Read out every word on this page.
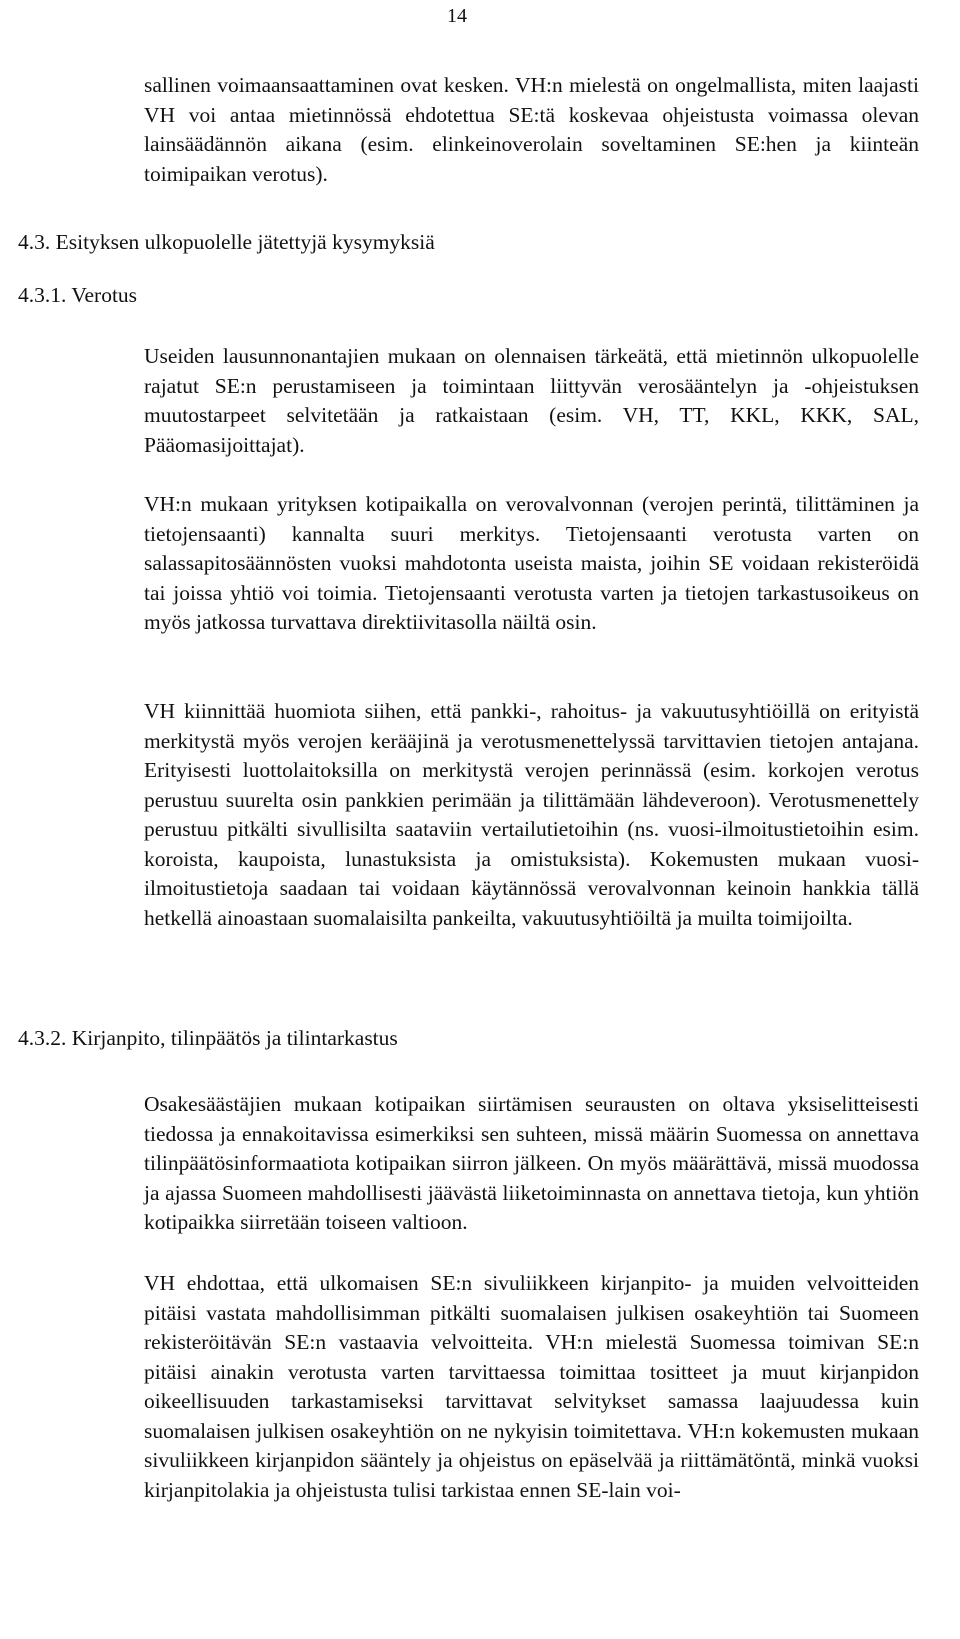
14

sallinen voimaansaattaminen ovat kesken. VH:n mielestä on ongelmallista, miten laajasti VH voi antaa mietinnössä ehdotettua SE:tä koskevaa ohjeistusta voimassa olevan lainsäädännön aikana (esim. elinkeinoverolain soveltaminen SE:hen ja kiinteän toimipaikan verotus).

4.3. Esityksen ulkopuolelle jätettyjä kysymyksiä
4.3.1. Verotus

Useiden lausunnonantajien mukaan on olennaisen tärkeätä, että mietinnön ulkopuolelle rajatut SE:n perustamiseen ja toimintaan liittyvän verosääntelyn ja -ohjeistuksen muutostarpeet selvitetään ja ratkaistaan (esim. VH, TT, KKL, KKK, SAL, Pääomasijoittajat).

VH:n mukaan yrityksen kotipaikalla on verovalvonnan (verojen perintä, tilittäminen ja tietojensaanti) kannalta suuri merkitys. Tietojensaanti verotusta varten on salassapitosäännösten vuoksi mahdotonta useista maista, joihin SE voidaan rekisteröidä tai joissa yhtiö voi toimia. Tietojensaanti verotusta varten ja tietojen tarkastusoikeus on myös jatkossa turvattava direktiivitasolla näiltä osin.

VH kiinnittää huomiota siihen, että pankki-, rahoitus- ja vakuutusyhtiöillä on erityistä merkitystä myös verojen kerääjinä ja verotusmenettelyssä tarvittavien tietojen antajana. Erityisesti luottolaitoksilla on merkitystä verojen perinnässä (esim. korkojen verotus perustuu suurelta osin pankkien perimään ja tilittämään lähdeveroon). Verotusmenettely perustuu pitkälti sivullisilta saataviin vertailutietoihin (ns. vuosi-ilmoitustietoihin esim. koroista, kaupoista, lunastuksista ja omistuksista). Kokemusten mukaan vuosi-ilmoitustietoja saadaan tai voidaan käytännössä verovalvonnan keinoin hankkia tällä hetkellä ainoastaan suomalaisilta pankeilta, vakuutusyhtiöiltä ja muilta toimijoilta.

4.3.2. Kirjanpito, tilinpäätös ja tilintarkastus

Osakesäästäjien mukaan kotipaikan siirtämisen seurausten on oltava yksiselitteisesti tiedossa ja ennakoitavissa esimerkiksi sen suhteen, missä määrin Suomessa on annettava tilinpäätösinformaatiota kotipaikan siirron jälkeen. On myös määrättävä, missä muodossa ja ajassa Suomeen mahdollisesti jäävästä liiketoiminnasta on annettava tietoja, kun yhtiön kotipaikka siirretään toiseen valtioon.

VH ehdottaa, että ulkomaisen SE:n sivuliikkeen kirjanpito- ja muiden velvoitteiden pitäisi vastata mahdollisimman pitkälti suomalaisen julkisen osakeyhtiön tai Suomeen rekisteröitävän SE:n vastaavia velvoitteita. VH:n mielestä Suomessa toimivan SE:n pitäisi ainakin verotusta varten tarvittaessa toimittaa tositteet ja muut kirjanpidon oikeellisuuden tarkastamiseksi tarvittavat selvitykset samassa laajuudessa kuin suomalaisen julkisen osakeyhtiön on ne nykyisin toimitettava. VH:n kokemusten mukaan sivuliikkeen kirjanpidon sääntely ja ohjeistus on epäselvää ja riittämätöntä, minkä vuoksi kirjanpitolakia ja ohjeistusta tulisi tarkistaa ennen SE-lain voi-
